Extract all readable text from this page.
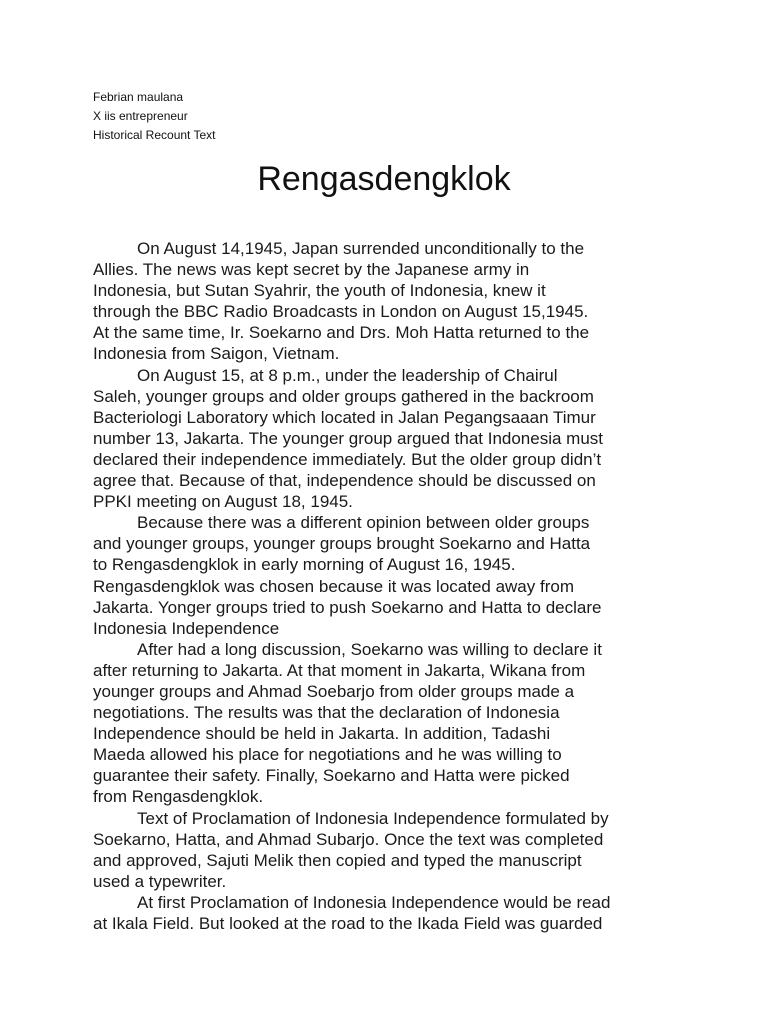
Febrian maulana
X iis entrepreneur
Historical Recount Text
Rengasdengklok
On August 14,1945, Japan surrended unconditionally to the
Allies. The news was kept secret by the Japanese army in
Indonesia, but Sutan Syahrir, the youth of Indonesia, knew it
through the BBC Radio Broadcasts in London on August 15,1945.
At the same time, Ir. Soekarno and Drs. Moh Hatta returned to the
Indonesia from Saigon, Vietnam.
On August 15, at 8 p.m., under the leadership of Chairul
Saleh, younger groups and older groups gathered in the backroom
Bacteriologi Laboratory which located in Jalan Pegangsaaan Timur
number 13, Jakarta. The younger group argued that Indonesia must
declared their independence immediately. But the older group didn’t
agree that. Because of that, independence should be discussed on
PPKI meeting on August 18, 1945.
Because there was a different opinion between older groups
and younger groups, younger groups brought Soekarno and Hatta
to Rengasdengklok in early morning of August 16, 1945.
Rengasdengklok was chosen because it was located away from
Jakarta. Yonger groups tried to push Soekarno and Hatta to declare
Indonesia Independence
After had a long discussion, Soekarno was willing to declare it
after returning to Jakarta. At that moment in Jakarta, Wikana from
younger groups and Ahmad Soebarjo from older groups made a
negotiations. The results was that the declaration of Indonesia
Independence should be held in Jakarta. In addition, Tadashi
Maeda allowed his place for negotiations and he was willing to
guarantee their safety. Finally, Soekarno and Hatta were picked
from Rengasdengklok.
Text of Proclamation of Indonesia Independence formulated by
Soekarno, Hatta, and Ahmad Subarjo. Once the text was completed
and approved, Sajuti Melik then copied and typed the manuscript
used a typewriter.
At first Proclamation of Indonesia Independence would be read
at Ikala Field. But looked at the road to the Ikada Field was guarded
